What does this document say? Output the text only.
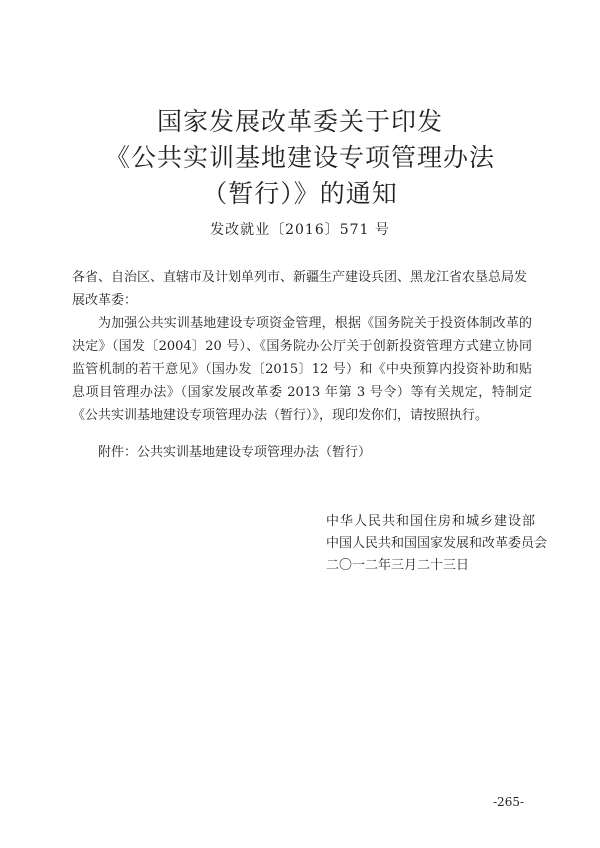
国家发展改革委关于印发
《公共实训基地建设专项管理办法
（暂行）》的通知
发改就业〔2016〕571 号

各省、自治区、直辖市及计划单列市、新疆生产建设兵团、黑龙江省农垦总局发展改革委：

为加强公共实训基地建设专项资金管理，根据《国务院关于投资体制改革的决定》（国发〔2004〕20 号）、《国务院办公厅关于创新投资管理方式建立协同监管机制的若干意见》（国办发〔2015〕12 号）和《中央预算内投资补助和贴息项目管理办法》（国家发展改革委 2013 年第 3 号令）等有关规定，特制定《公共实训基地建设专项管理办法（暂行）》，现印发你们，请按照执行。

附件：公共实训基地建设专项管理办法（暂行）

中华人民共和国住房和城乡建设部
中国人民共和国国家发展和改革委员会
二〇一二年三月二十三日
-265-
